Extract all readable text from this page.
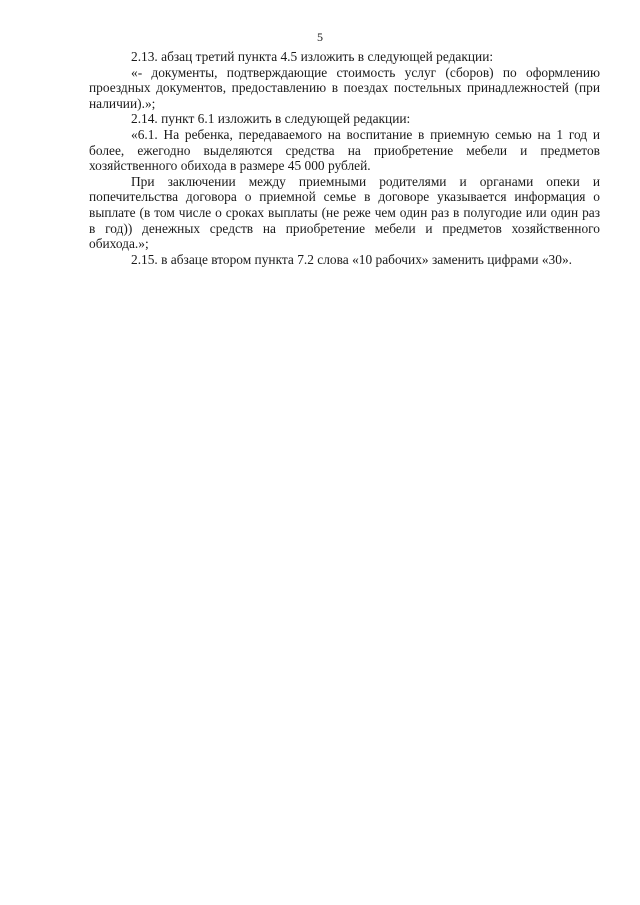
5

2.13. абзац третий пункта 4.5 изложить в следующей редакции:

«- документы, подтверждающие стоимость услуг (сборов) по оформлению проездных документов, предоставлению в поездах постельных принадлежностей (при наличии).»;

2.14. пункт 6.1 изложить в следующей редакции:

«6.1. На ребенка, передаваемого на воспитание в приемную семью на 1 год и более, ежегодно выделяются средства на приобретение мебели и предметов хозяйственного обихода в размере 45 000 рублей.

При заключении между приемными родителями и органами опеки и попечительства договора о приемной семье в договоре указывается информация о выплате (в том числе о сроках выплаты (не реже чем один раз в полугодие или один раз в год)) денежных средств на приобретение мебели и предметов хозяйственного обихода.»;

2.15. в абзаце втором пункта 7.2 слова «10 рабочих» заменить цифрами «30».
